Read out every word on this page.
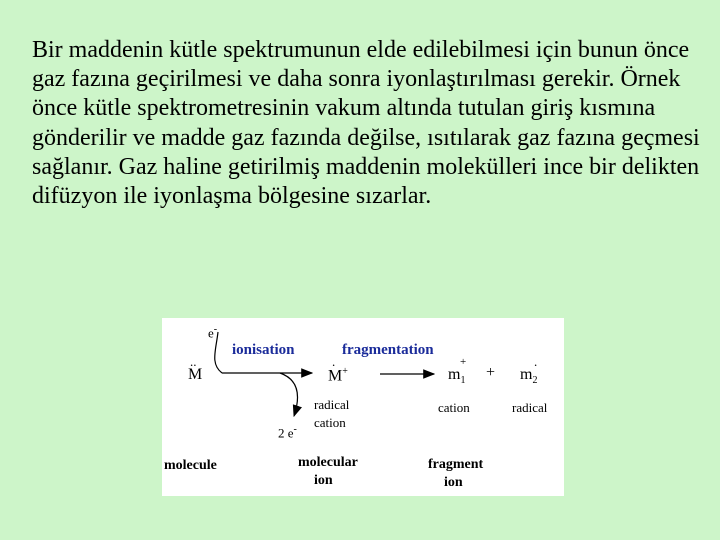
Bir maddenin kütle spektrumunun elde edilebilmesi için bunun önce gaz fazına geçirilmesi ve daha sonra iyonlaştırılması gerekir. Örnek önce kütle spektrometresinin vakum altında tutulan giriş kısmına gönderilir ve madde gaz fazında değilse, ısıtılarak gaz fazına geçmesi sağlanır. Gaz haline getirilmiş maddenin molekülleri ince bir delikten difüzyon ile iyonlaşma bölgesine sızarlar.

e-
ionisation	fragmentation
..
M
.
M+
+
$m_1$ +
.
$m_2$
radical
cation
cation	radical
2 e-
molecule	molecular
ion
fragment
ion
